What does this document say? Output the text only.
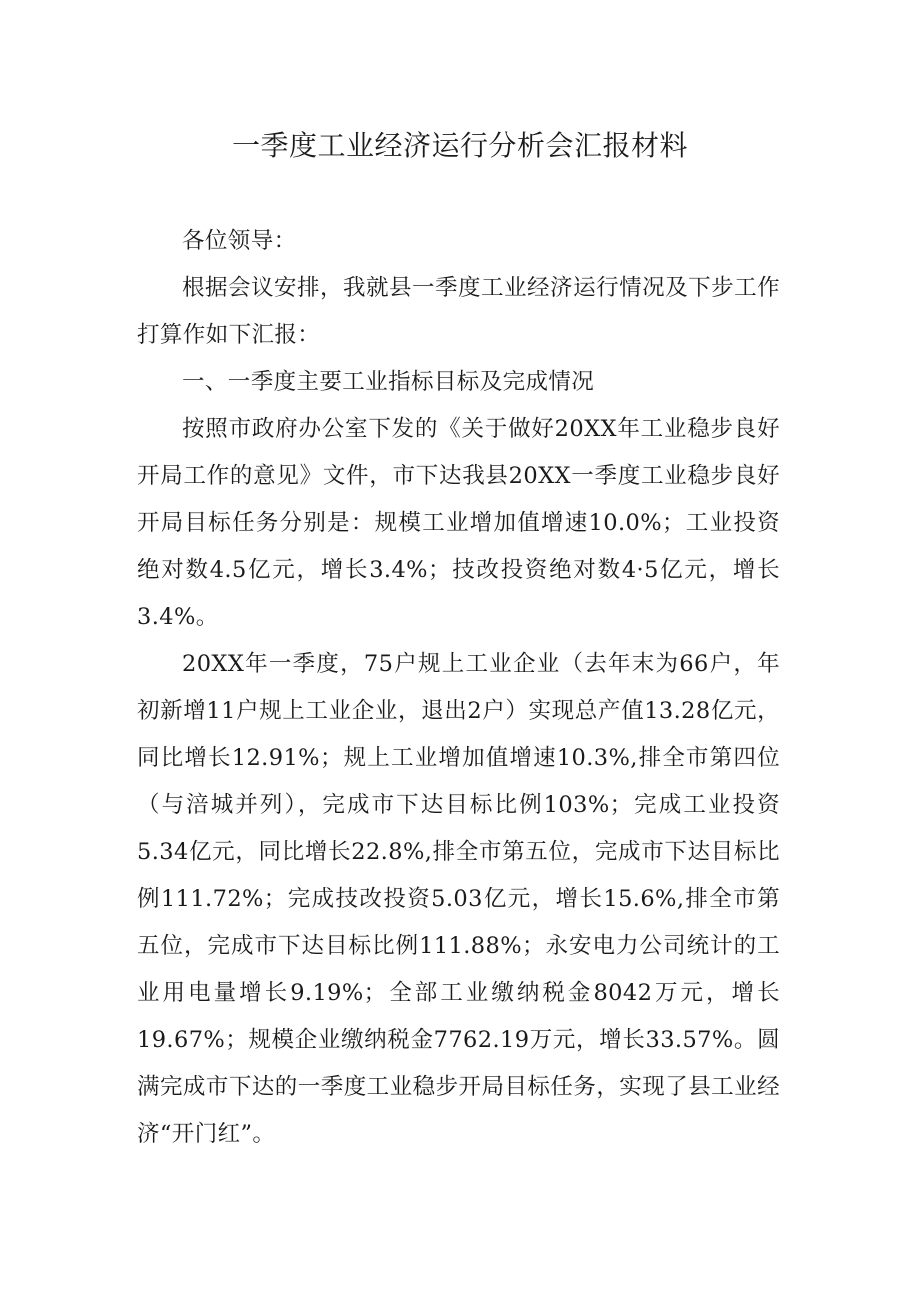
一季度工业经济运行分析会汇报材料

各位领导：

根据会议安排，我就县一季度工业经济运行情况及下步工作打算作如下汇报：

一、一季度主要工业指标目标及完成情况

按照市政府办公室下发的《关于做好20XX年工业稳步良好开局工作的意见》文件，市下达我县20XX一季度工业稳步良好开局目标任务分别是：规模工业增加值增速10.0%；工业投资绝对数4.5亿元，增长3.4%；技改投资绝对数4·5亿元，增长3.4%。

20XX年一季度，75户规上工业企业（去年末为66户，年初新增11户规上工业企业，退出2户）实现总产值13.28亿元，同比增长12.91%；规上工业增加值增速10.3%,排全市第四位（与涪城并列），完成市下达目标比例103%；完成工业投资5.34亿元，同比增长22.8%,排全市第五位，完成市下达目标比例111.72%；完成技改投资5.03亿元，增长15.6%,排全市第五位，完成市下达目标比例111.88%；永安电力公司统计的工业用电量增长9.19%；全部工业缴纳税金8042万元，增长19.67%；规模企业缴纳税金7762.19万元，增长33.57%。圆满完成市下达的一季度工业稳步开局目标任务，实现了县工业经济“开门红”。
